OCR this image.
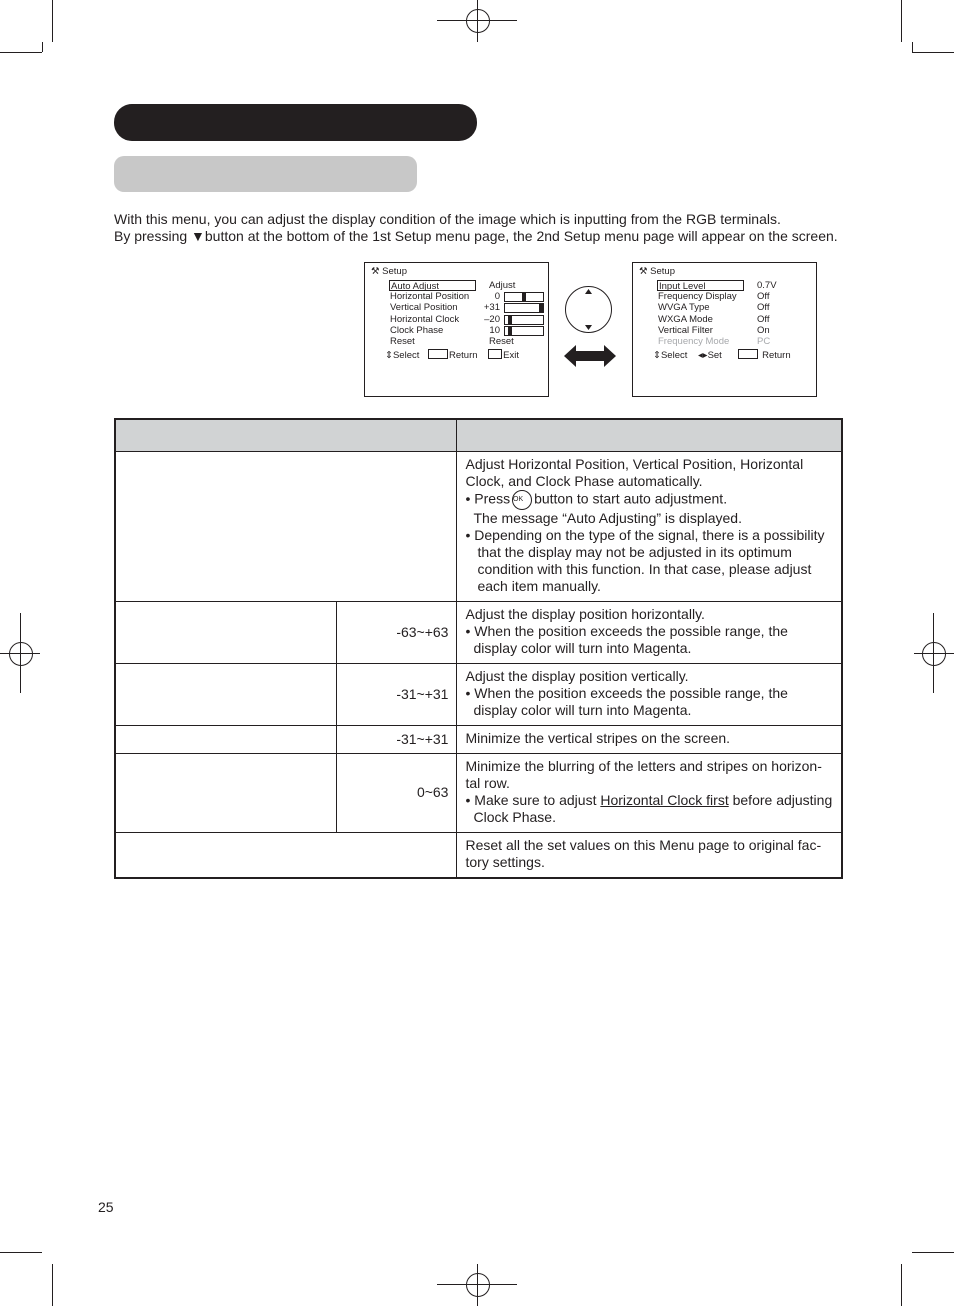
With this menu, you can adjust the display condition of the image which is inputting from the RGB terminals.
By pressing ▼button at the bottom of the 1st Setup menu page, the 2nd Setup menu page will appear on the screen.
⚒ Setup
Auto Adjust	Adjust
Horizontal Position	0
Vertical Position	+31
Horizontal Clock	–20
Clock Phase	10
Reset	Reset
⇕Select	Return	Exit
⚒ Setup
Input Level	0.7V
Frequency Display Off
WVGA Type	Off
WXGA Mode	Off
Vertical Filter	On
Frequency Mode	PC
⇕Select ◂▸Set	Return

		Adjust Horizontal Position, Vertical Position, Horizontal Clock, and Clock Phase automatically.
• Press OK button to start auto adjustment.
The message “Auto Adjusting” is displayed.
• Depending on the type of the signal, there is a possibility that the display may not be adjusted in its optimum condition with this function. In that case, please adjust each item manually.

	-63~+63	Adjust the display position horizontally.
• When the position exceeds the possible range, the display color will turn into Magenta.

	-31~+31	Adjust the display position vertically.
• When the position exceeds the possible range, the display color will turn into Magenta.

	-31~+31	Minimize the vertical stripes on the screen.
	0~63	Minimize the blurring of the letters and stripes on horizon- tal row.
• Make sure to adjust Horizontal Clock first before adjusting Clock Phase.

		Reset all the set values on this Menu page to original fac- tory settings.
25
